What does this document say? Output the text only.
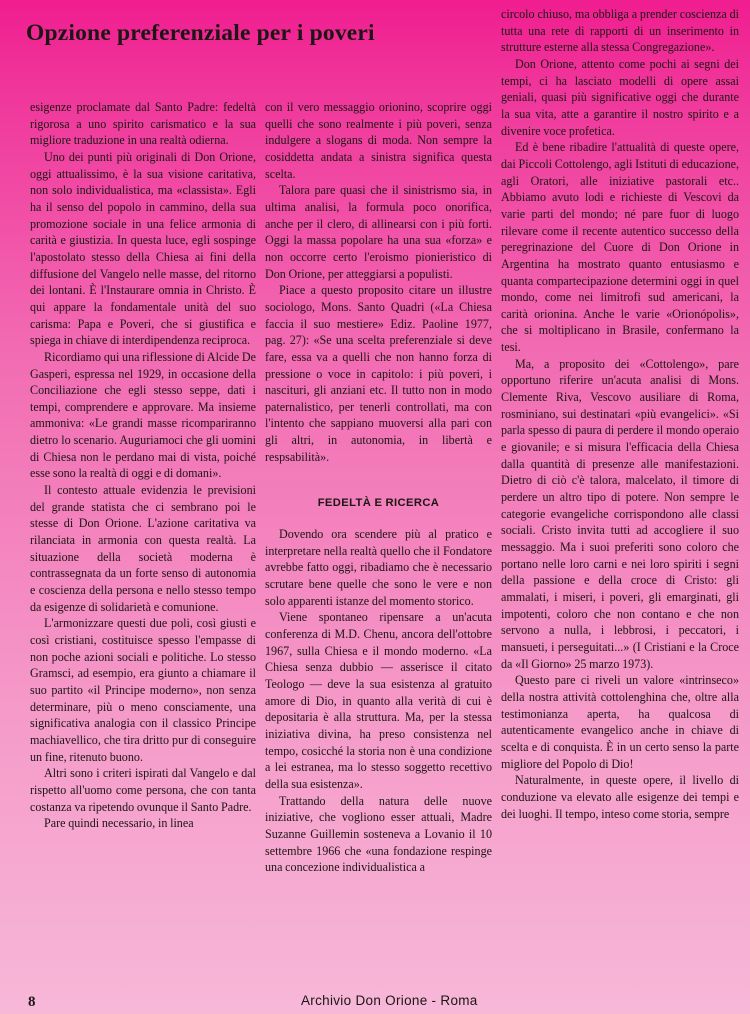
Opzione preferenziale per i poveri

esigenze proclamate dal Santo Padre: fedeltà rigorosa a uno spirito carismatico e la sua migliore traduzione in una realtà odierna.

Uno dei punti più originali di Don Orione, oggi attualissimo, è la sua visione caritativa, non solo individualistica, ma «classista». Egli ha il senso del popolo in cammino, della sua promozione sociale in una felice armonia di carità e giustizia. In questa luce, egli sospinge l'apostolato stesso della Chiesa ai fini della diffusione del Vangelo nelle masse, del ritorno dei lontani. È l'Instaurare omnia in Christo. È qui appare la fondamentale unità del suo carisma: Papa e Poveri, che si giustifica e spiega in chiave di interdipendenza reciproca.

Ricordiamo qui una riflessione di Alcide De Gasperi, espressa nel 1929, in occasione della Conciliazione che egli stesso seppe, dati i tempi, comprendere e approvare. Ma insieme ammoniva: «Le grandi masse ricompariranno dietro lo scenario. Auguriamoci che gli uomini di Chiesa non le perdano mai di vista, poiché esse sono la realtà di oggi e di domani».

Il contesto attuale evidenzia le previsioni del grande statista che ci sembrano poi le stesse di Don Orione. L'azione caritativa va rilanciata in armonia con questa realtà. La situazione della società moderna è contrassegnata da un forte senso di autonomia e coscienza della persona e nello stesso tempo da esigenze di solidarietà e comunione.

L'armonizzare questi due poli, così giusti e così cristiani, costituisce spesso l'empasse di non poche azioni sociali e politiche. Lo stesso Gramsci, ad esempio, era giunto a chiamare il suo partito «il Principe moderno», non senza determinare, più o meno consciamente, una significativa analogia con il classico Principe machiavellico, che tira dritto pur di conseguire un fine, ritenuto buono.

Altri sono i criteri ispirati dal Vangelo e dal rispetto all'uomo come persona, che con tanta costanza va ripetendo ovunque il Santo Padre.

Pare quindi necessario, in linea

con il vero messaggio orionino, scoprire oggi quelli che sono realmente i più poveri, senza indulgere a slogans di moda. Non sempre la cosiddetta andata a sinistra significa questa scelta.

Talora pare quasi che il sinistrismo sia, in ultima analisi, la formula poco onorifica, anche per il clero, di allinearsi con i più forti. Oggi la massa popolare ha una sua «forza» e non occorre certo l'eroismo pionieristico di Don Orione, per atteggiarsi a populisti.

Piace a questo proposito citare un illustre sociologo, Mons. Santo Quadri («La Chiesa faccia il suo mestiere» Ediz. Paoline 1977, pag. 27): «Se una scelta preferenziale si deve fare, essa va a quelli che non hanno forza di pressione o voce in capitolo: i più poveri, i nascituri, gli anziani etc. Il tutto non in modo paternalistico, per tenerli controllati, ma con l'intento che sappiano muoversi alla pari con gli altri, in autonomia, in libertà e respsabilità».

FEDELTÀ E RICERCA

Dovendo ora scendere più al pratico e interpretare nella realtà quello che il Fondatore avrebbe fatto oggi, ribadiamo che è necessario scrutare bene quelle che sono le vere e non solo apparenti istanze del momento storico.

Viene spontaneo ripensare a un'acuta conferenza di M.D. Chenu, ancora dell'ottobre 1967, sulla Chiesa e il mondo moderno. «La Chiesa senza dubbio — asserisce il citato Teologo — deve la sua esistenza al gratuito amore di Dio, in quanto alla verità di cui è depositaria è alla struttura. Ma, per la stessa iniziativa divina, ha preso consistenza nel tempo, cosicché la storia non è una condizione a lei estranea, ma lo stesso soggetto recettivo della sua esistenza».

Trattando della natura delle nuove iniziative, che vogliono esser attuali, Madre Suzanne Guillemin sosteneva a Lovanio il 10 settembre 1966 che «una fondazione respinge una concezione individualistica a

circolo chiuso, ma obbliga a prender coscienza di tutta una rete di rapporti di un inserimento in strutture esterne alla stessa Congregazione».

Don Orione, attento come pochi ai segni dei tempi, ci ha lasciato modelli di opere assai geniali, quasi più significative oggi che durante la sua vita, atte a garantire il nostro spirito e a divenire voce profetica.

Ed è bene ribadire l'attualità di queste opere, dai Piccoli Cottolengo, agli Istituti di educazione, agli Oratori, alle iniziative pastorali etc.. Abbiamo avuto lodi e richieste di Vescovi da varie parti del mondo; né pare fuor di luogo rilevare come il recente autentico successo della peregrinazione del Cuore di Don Orione in Argentina ha mostrato quanto entusiasmo e quanta compartecipazione determini oggi in quel mondo, come nei limitrofi sud americani, la carità orionina. Anche le varie «Orionópolis», che si moltiplicano in Brasile, confermano la tesi.

Ma, a proposito dei «Cottolengo», pare opportuno riferire un'acuta analisi di Mons. Clemente Riva, Vescovo ausiliare di Roma, rosminiano, sui destinatari «più evangelici». «Si parla spesso di paura di perdere il mondo operaio e giovanile; e si misura l'efficacia della Chiesa dalla quantità di presenze alle manifestazioni. Dietro di ciò c'è talora, malcelato, il timore di perdere un altro tipo di potere. Non sempre le categorie evangeliche corrispondono alle classi sociali. Cristo invita tutti ad accogliere il suo messaggio. Ma i suoi preferiti sono coloro che portano nelle loro carni e nei loro spiriti i segni della passione e della croce di Cristo: gli ammalati, i miseri, i poveri, gli emarginati, gli impotenti, coloro che non contano e che non servono a nulla, i lebbrosi, i peccatori, i mansueti, i perseguitati...» (I Cristiani e la Croce da «Il Giorno» 25 marzo 1973).

Questo pare ci riveli un valore «intrinseco» della nostra attività cottolenghina che, oltre alla testimonianza aperta, ha qualcosa di autenticamente evangelico anche in chiave di scelta e di conquista. È in un certo senso la parte migliore del Popolo di Dio!

Naturalmente, in queste opere, il livello di conduzione va elevato alle esigenze dei tempi e dei luoghi. Il tempo, inteso come storia, sempre

8	Archivio Don Orione - Roma
